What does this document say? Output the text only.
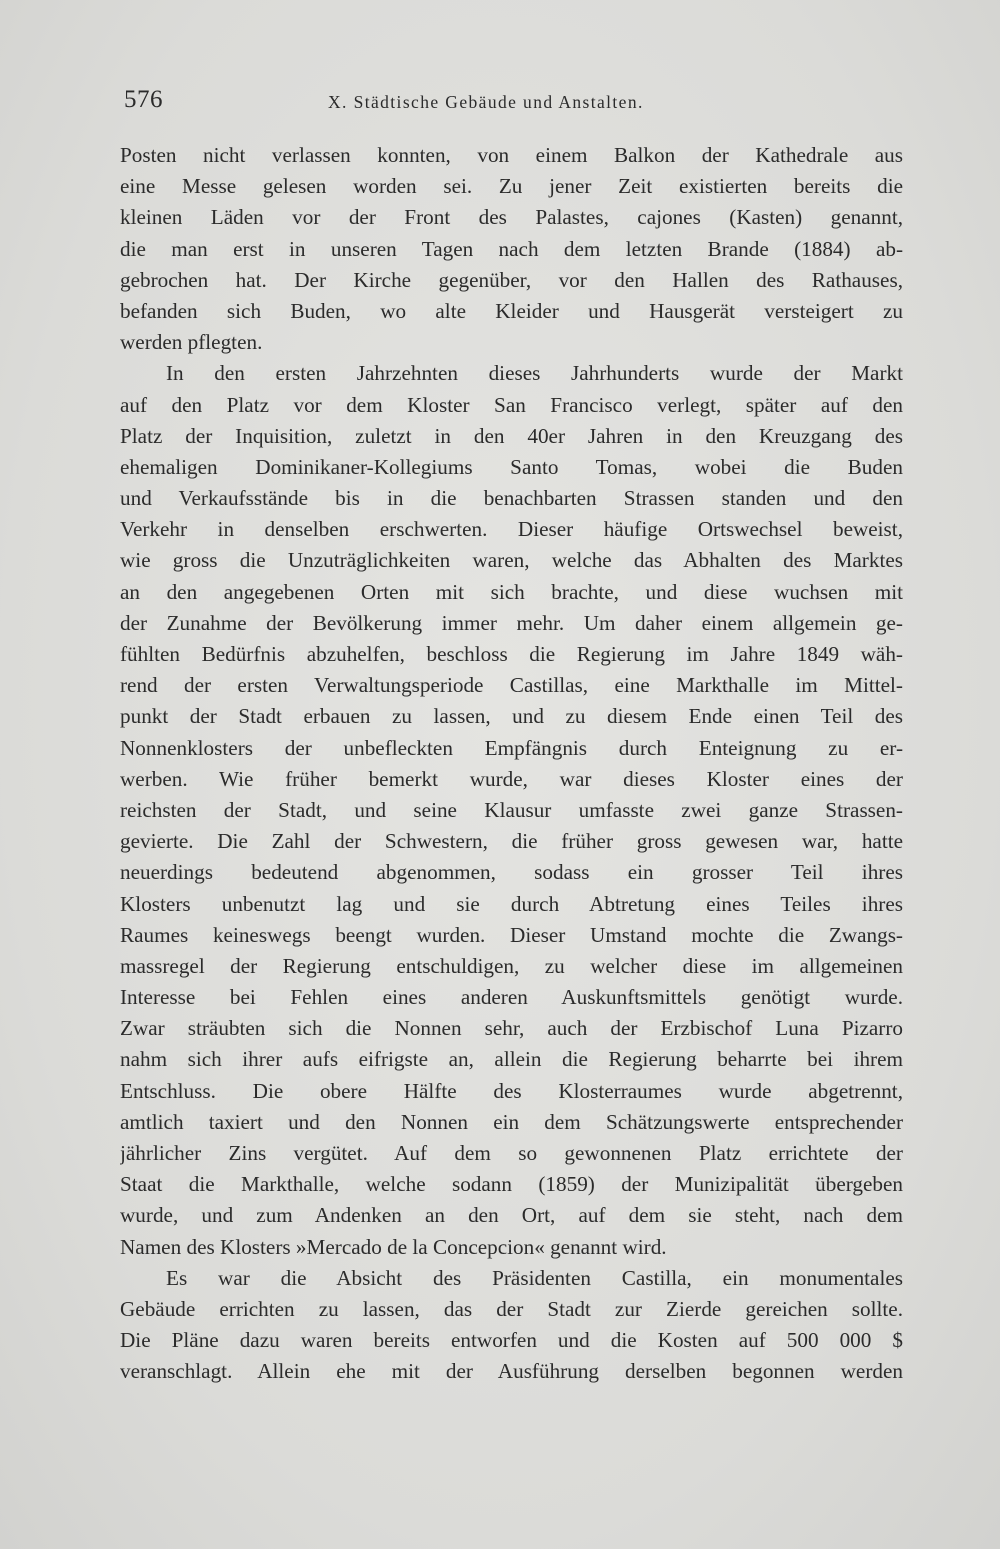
576	X. Städtische Gebäude und Anstalten.
Posten nicht verlassen konnten, von einem Balkon der Kathedrale aus
eine Messe gelesen worden sei. Zu jener Zeit existierten bereits die
kleinen Läden vor der Front des Palastes, cajones (Kasten) genannt,
die man erst in unseren Tagen nach dem letzten Brande (1884) ab-
gebrochen hat. Der Kirche gegenüber, vor den Hallen des Rathauses,
befanden sich Buden, wo alte Kleider und Hausgerät versteigert zu
werden pflegten.
In den ersten Jahrzehnten dieses Jahrhunderts wurde der Markt
auf den Platz vor dem Kloster San Francisco verlegt, später auf den
Platz der Inquisition, zuletzt in den 40er Jahren in den Kreuzgang des
ehemaligen Dominikaner-Kollegiums Santo Tomas, wobei die Buden
und Verkaufsstände bis in die benachbarten Strassen standen und den
Verkehr in denselben erschwerten. Dieser häufige Ortswechsel beweist,
wie gross die Unzuträglichkeiten waren, welche das Abhalten des Marktes
an den angegebenen Orten mit sich brachte, und diese wuchsen mit
der Zunahme der Bevölkerung immer mehr. Um daher einem allgemein ge-
fühlten Bedürfnis abzuhelfen, beschloss die Regierung im Jahre 1849 wäh-
rend der ersten Verwaltungsperiode Castillas, eine Markthalle im Mittel-
punkt der Stadt erbauen zu lassen, und zu diesem Ende einen Teil des
Nonnenklosters der unbefleckten Empfängnis durch Enteignung zu er-
werben. Wie früher bemerkt wurde, war dieses Kloster eines der
reichsten der Stadt, und seine Klausur umfasste zwei ganze Strassen-
gevierte. Die Zahl der Schwestern, die früher gross gewesen war, hatte
neuerdings bedeutend abgenommen, sodass ein grosser Teil ihres
Klosters unbenutzt lag und sie durch Abtretung eines Teiles ihres
Raumes keineswegs beengt wurden. Dieser Umstand mochte die Zwangs-
massregel der Regierung entschuldigen, zu welcher diese im allgemeinen
Interesse bei Fehlen eines anderen Auskunftsmittels genötigt wurde.
Zwar sträubten sich die Nonnen sehr, auch der Erzbischof Luna Pizarro
nahm sich ihrer aufs eifrigste an, allein die Regierung beharrte bei ihrem
Entschluss. Die obere Hälfte des Klosterraumes wurde abgetrennt,
amtlich taxiert und den Nonnen ein dem Schätzungswerte entsprechender
jährlicher Zins vergütet. Auf dem so gewonnenen Platz errichtete der
Staat die Markthalle, welche sodann (1859) der Munizipalität übergeben
wurde, und zum Andenken an den Ort, auf dem sie steht, nach dem
Namen des Klosters »Mercado de la Concepcion« genannt wird.
Es war die Absicht des Präsidenten Castilla, ein monumentales
Gebäude errichten zu lassen, das der Stadt zur Zierde gereichen sollte.
Die Pläne dazu waren bereits entworfen und die Kosten auf 500 000 $
veranschlagt. Allein ehe mit der Ausführung derselben begonnen werden
